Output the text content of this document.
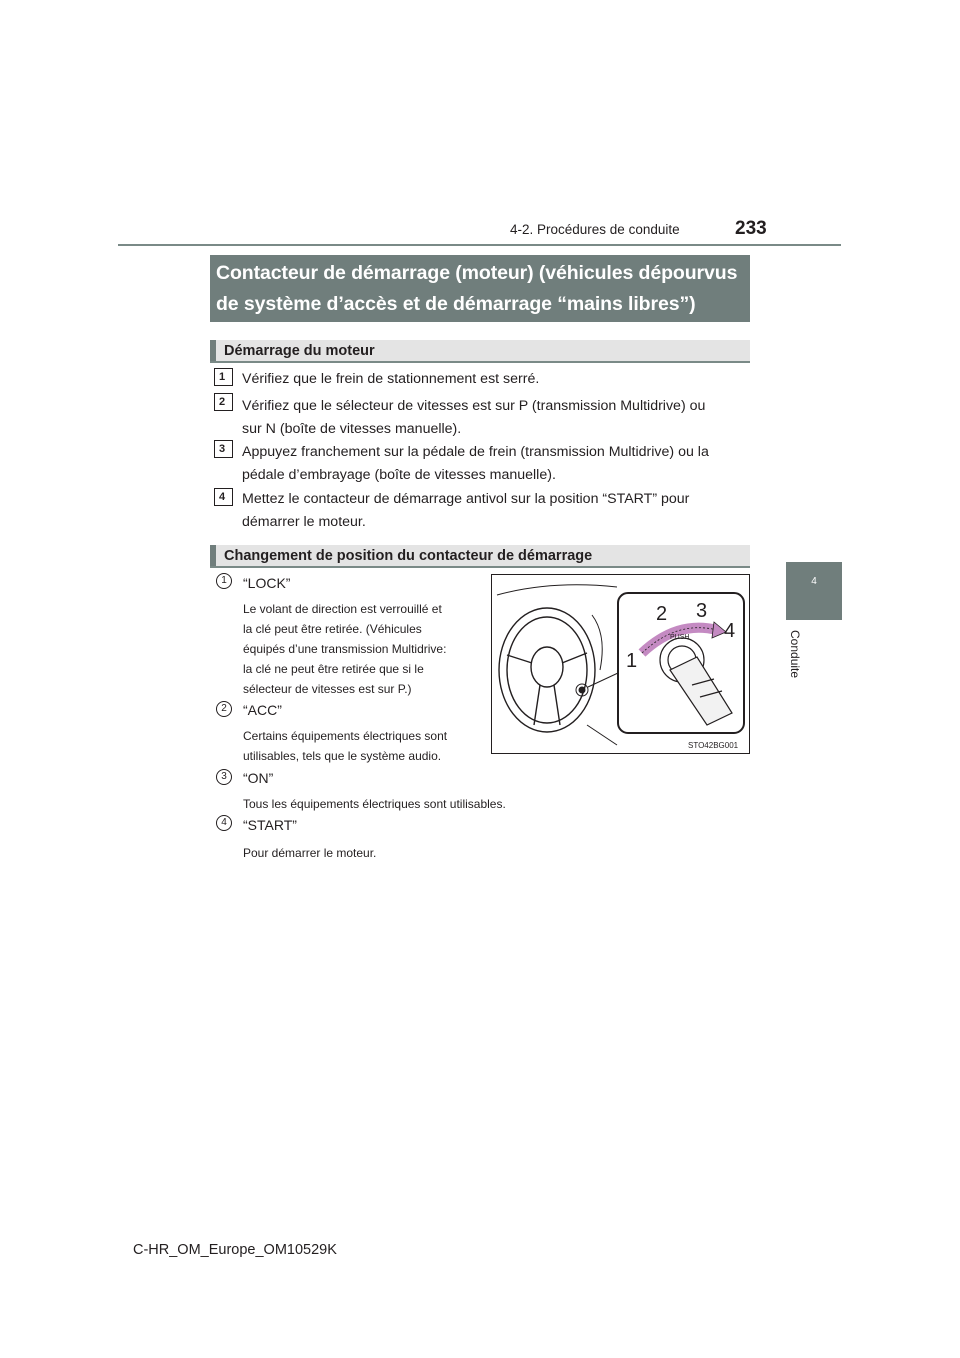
233
4-2. Procédures de conduite
4
Conduite
Contacteur de démarrage (moteur) (véhicules dépourvus
de système d’accès et de démarrage “mains libres”)
Démarrage du moteur
1	Vérifiez que le frein de stationnement est serré.
2	Vérifiez que le sélecteur de vitesses est sur P (transmission Multidrive) ou
sur N (boîte de vitesses manuelle).
3	Appuyez franchement sur la pédale de frein (transmission Multidrive) ou la
pédale d’embrayage (boîte de vitesses manuelle).
4	Mettez le contacteur de démarrage antivol sur la position “START” pour
démarrer le moteur.
Changement de position du contacteur de démarrage
1	“LOCK”
Le volant de direction est verrouillé et
la clé peut être retirée. (Véhicules
équipés d’une transmission Multidrive:
la clé ne peut être retirée que si le
sélecteur de vitesses est sur P.)
2	“ACC”
Certains équipements électriques sont
utilisables, tels que le système audio.
3	“ON”
Tous les équipements électriques sont utilisables.
4	“START”
Pour démarrer le moteur.
PUSH
1
2 3
4
STO42BG001
C-HR_OM_Europe_OM10529K
